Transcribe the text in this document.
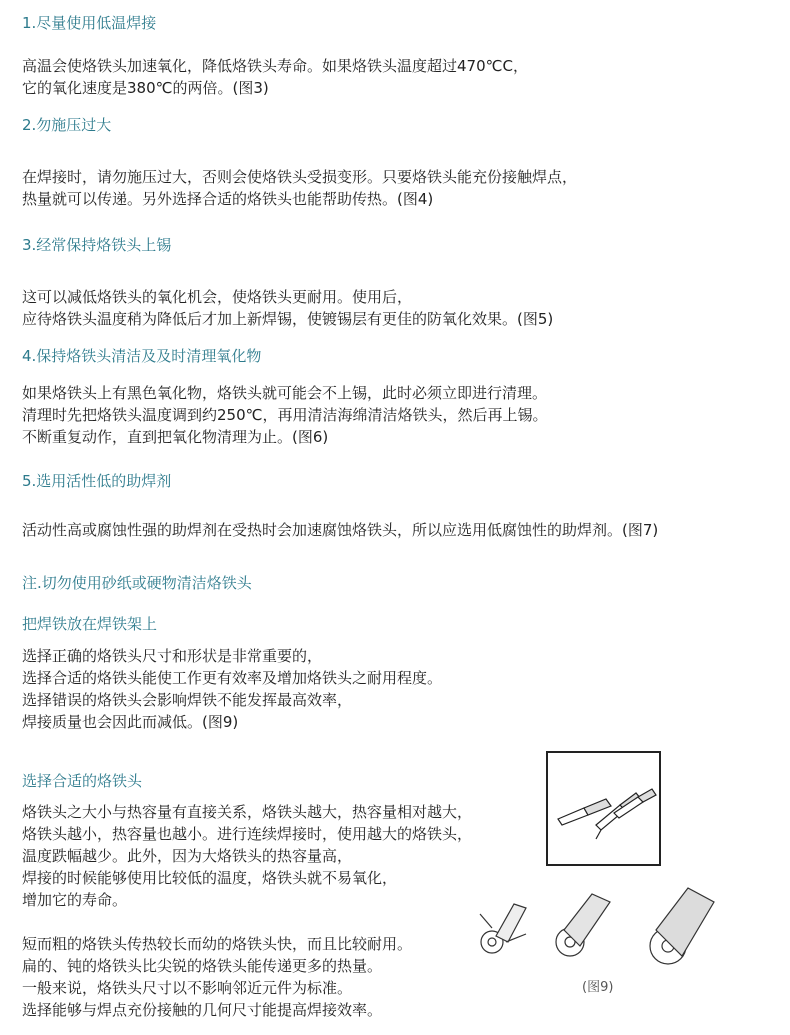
1.尽量使用低温焊接
高温会使烙铁头加速氧化，降低烙铁头寿命。如果烙铁头温度超过470℃C，
它的氧化速度是380℃的两倍。(图3)
2.勿施压过大
在焊接时，请勿施压过大，否则会使烙铁头受损变形。只要烙铁头能充份接触焊点，
热量就可以传递。另外选择合适的烙铁头也能帮助传热。(图4)
3.经常保持烙铁头上锡
这可以减低烙铁头的氧化机会，使烙铁头更耐用。使用后，
应待烙铁头温度稍为降低后才加上新焊锡，使镀锡层有更佳的防氧化效果。(图5)
4.保持烙铁头清洁及及时清理氧化物
如果烙铁头上有黑色氧化物，烙铁头就可能会不上锡，此时必须立即进行清理。
清理时先把烙铁头温度调到约250℃，再用清洁海绵清洁烙铁头，然后再上锡。
不断重复动作，直到把氧化物清理为止。(图6)
5.选用活性低的助焊剂
活动性高或腐蚀性强的助焊剂在受热时会加速腐蚀烙铁头，所以应选用低腐蚀性的助焊剂。(图7)
注.切勿使用砂纸或硬物清洁烙铁头
把焊铁放在焊铁架上
选择正确的烙铁头尺寸和形状是非常重要的，
选择合适的烙铁头能使工作更有效率及增加烙铁头之耐用程度。
选择错误的烙铁头会影响焊铁不能发挥最高效率，
焊接质量也会因此而减低。(图9)
选择合适的烙铁头
烙铁头之大小与热容量有直接关系，烙铁头越大，热容量相对越大，
烙铁头越小，热容量也越小。进行连续焊接时，使用越大的烙铁头，
温度跌幅越少。此外，因为大烙铁头的热容量高，
焊接的时候能够使用比较低的温度，烙铁头就不易氧化，
增加它的寿命。
短而粗的烙铁头传热较长而幼的烙铁头快，而且比较耐用。
扁的、钝的烙铁头比尖锐的烙铁头能传递更多的热量。
一般来说，烙铁头尺寸以不影响邻近元件为标准。
选择能够与焊点充份接触的几何尺寸能提高焊接效率。
(图9)
